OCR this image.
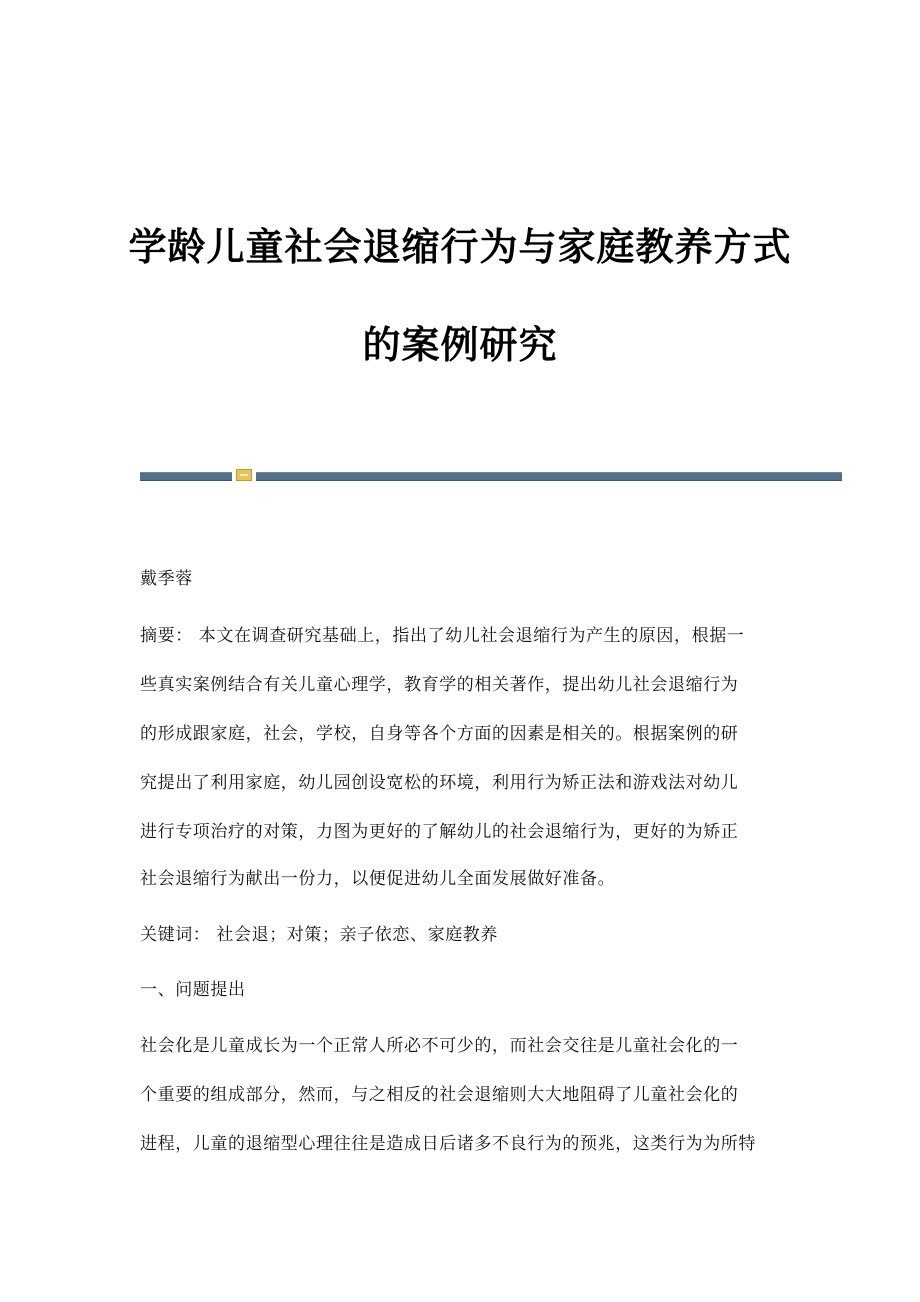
学龄儿童社会退缩行为与家庭教养方式
的案例研究
戴季蓉
摘要： 本文在调查研究基础上，指出了幼儿社会退缩行为产生的原因，根据一
些真实案例结合有关儿童心理学，教育学的相关著作，提出幼儿社会退缩行为
的形成跟家庭，社会，学校，自身等各个方面的因素是相关的。根据案例的研
究提出了利用家庭，幼儿园创设宽松的环境，利用行为矫正法和游戏法对幼儿
进行专项治疗的对策，力图为更好的了解幼儿的社会退缩行为，更好的为矫正
社会退缩行为献出一份力，以便促进幼儿全面发展做好准备。
关键词： 社会退；对策；亲子依恋、家庭教养
一、问题提出
社会化是儿童成长为一个正常人所必不可少的，而社会交往是儿童社会化的一
个重要的组成部分，然而，与之相反的社会退缩则大大地阻碍了儿童社会化的
进程，儿童的退缩型心理往往是造成日后诸多不良行为的预兆，这类行为为所特
